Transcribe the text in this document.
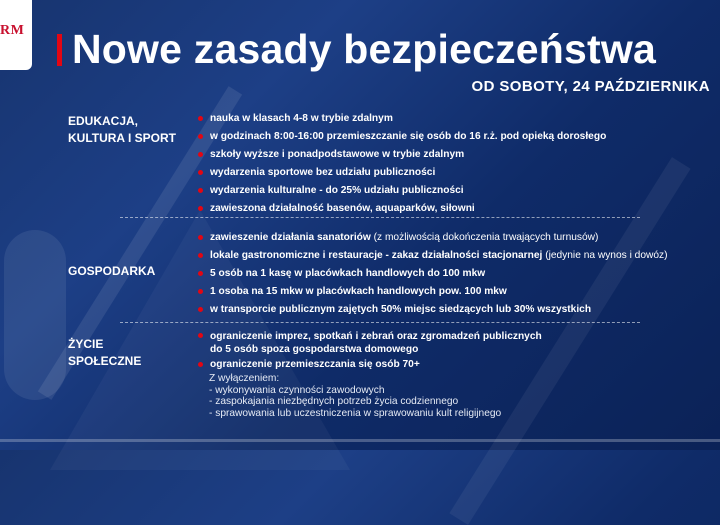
RM Nowe zasady bezpieczeństwa
OD SOBOTY, 24 PAŹDZIERNIKA
EDUKACJA,
KULTURA I SPORT
nauka w klasach 4-8 w trybie zdalnym
w godzinach 8:00-16:00 przemieszczanie się osób do 16 r.ż. pod opieką dorosłego
szkoły wyższe i ponadpodstawowe w trybie zdalnym
wydarzenia sportowe bez udziału publiczności
wydarzenia kulturalne - do 25% udziału publiczności
zawieszona działalność basenów, aquaparków, siłowni
GOSPODARKA
zawieszenie działania sanatoriów (z możliwością dokończenia trwających turnusów)
lokale gastronomiczne i restauracje - zakaz działalności stacjonarnej (jedynie na wynos i dowóz)
5 osób na 1 kasę w placówkach handlowych do 100 mkw
1 osoba na 15 mkw w placówkach handlowych pow. 100 mkw
w transporcie publicznym zajętych 50% miejsc siedzących lub 30% wszystkich
ŻYCIE
SPOŁECZNE
ograniczenie imprez, spotkań i zebrań oraz zgromadzeń publicznych
do 5 osób spoza gospodarstwa domowego
ograniczenie przemieszczania się osób 70+
Z wyłączeniem:
- wykonywania czynności zawodowych
- zaspokajania niezbędnych potrzeb życia codziennego
- sprawowania lub uczestniczenia w sprawowaniu kult religijnego
